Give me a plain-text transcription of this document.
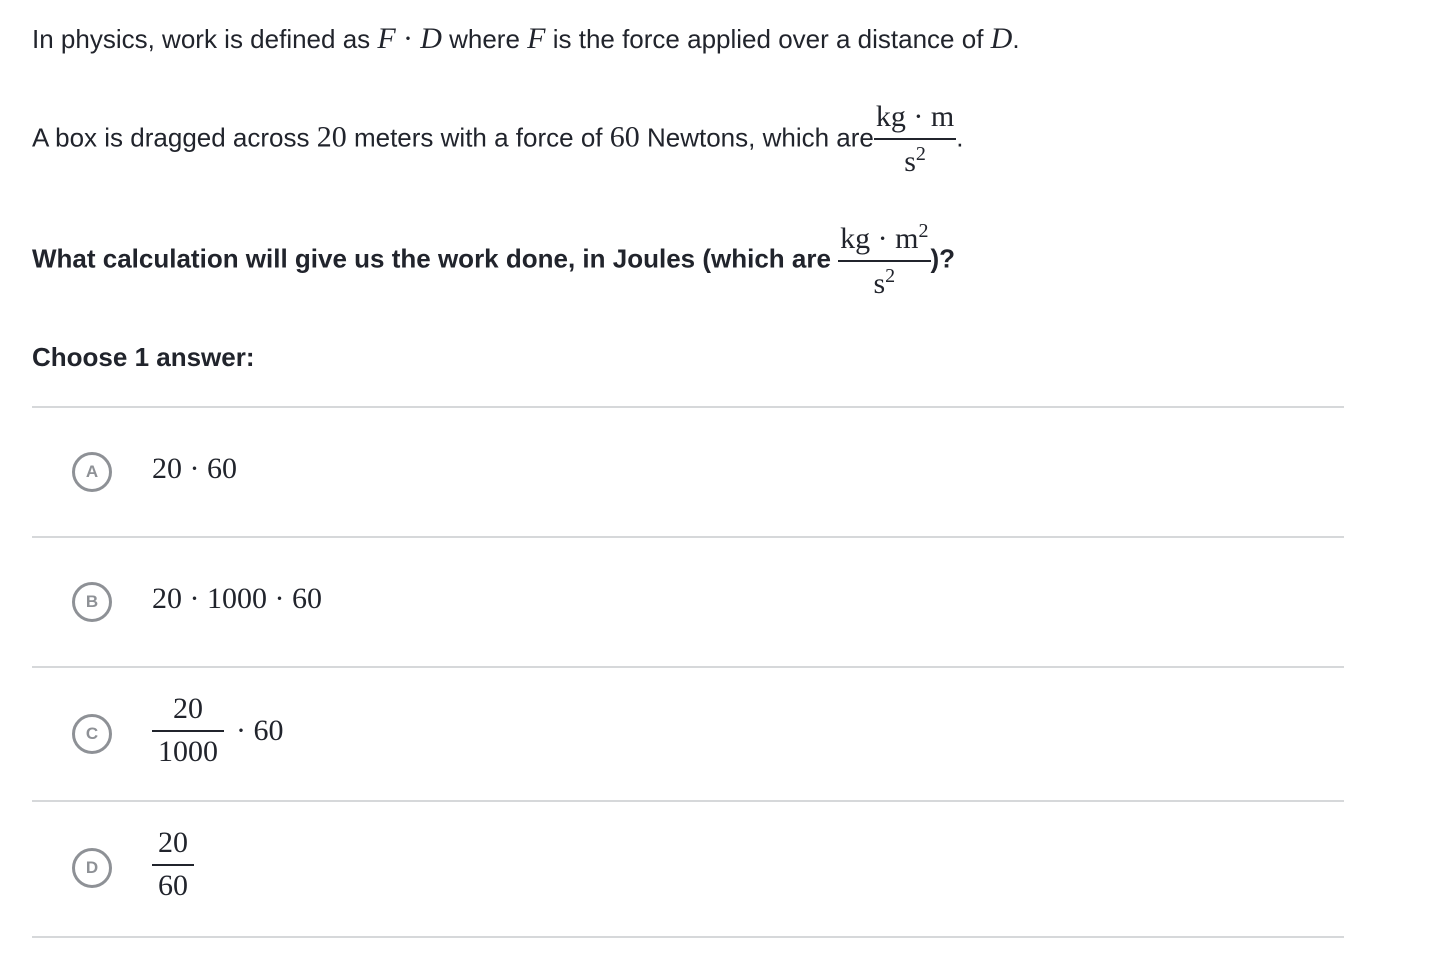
In physics, work is defined as F · D where F is the force applied over a distance of D.
A box is dragged across 20 meters with a force of 60 Newtons, which are $\frac{kg \cdot m}{s^2}$ .
What calculation will give us the work done, in Joules (which are $\frac{kg \cdot m^2}{s^2}$ )?
Choose 1 answer:
A	20 · 60
B	20 · 1000 · 60
C	$\frac{20}{1000} \cdot 60$
D	$\frac{20}{60}$
